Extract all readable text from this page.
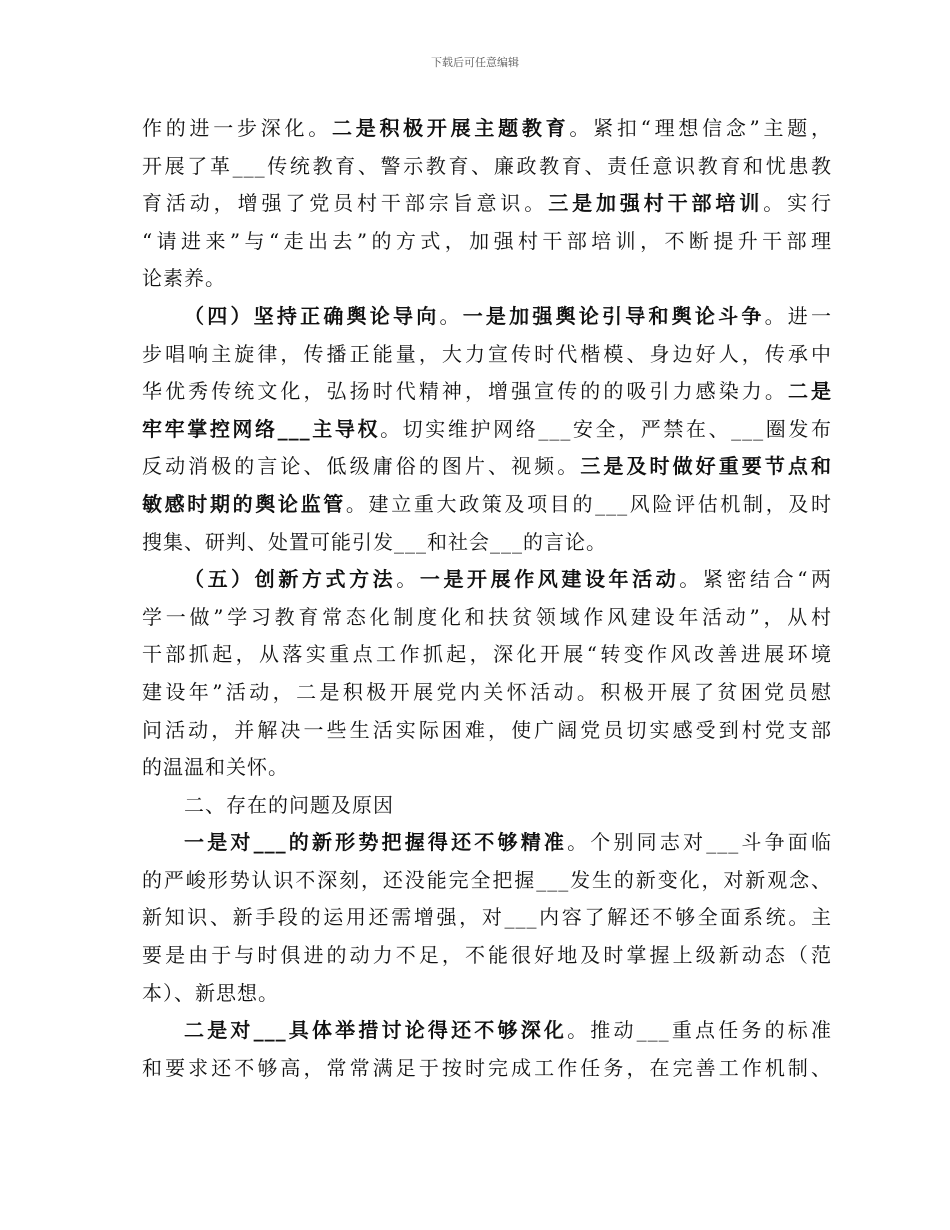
下载后可任意编辑
作的进一步深化。二是积极开展主题教育。紧扣“理想信念”主题，
开展了革___传统教育、警示教育、廉政教育、责任意识教育和忧患教
育活动，增强了党员村干部宗旨意识。三是加强村干部培训。实行
“请进来”与“走出去”的方式，加强村干部培训，不断提升干部理
论素养。
（四）坚持正确舆论导向。一是加强舆论引导和舆论斗争。进一
步唱响主旋律，传播正能量，大力宣传时代楷模、身边好人，传承中
华优秀传统文化，弘扬时代精神，增强宣传的的吸引力感染力。二是
牢牢掌控网络___主导权。切实维护网络___安全，严禁在、___圈发布
反动消极的言论、低级庸俗的图片、视频。三是及时做好重要节点和
敏感时期的舆论监管。建立重大政策及项目的___风险评估机制，及时
搜集、研判、处置可能引发___和社会___的言论。
（五）创新方式方法。一是开展作风建设年活动。紧密结合“两
学一做”学习教育常态化制度化和扶贫领域作风建设年活动”，从村
干部抓起，从落实重点工作抓起，深化开展“转变作风改善进展环境
建设年”活动，二是积极开展党内关怀活动。积极开展了贫困党员慰
问活动，并解决一些生活实际困难，使广阔党员切实感受到村党支部
的温温和关怀。
二、存在的问题及原因
一是对___的新形势把握得还不够精准。个别同志对___斗争面临
的严峻形势认识不深刻，还没能完全把握___发生的新变化，对新观念、
新知识、新手段的运用还需增强，对___内容了解还不够全面系统。主
要是由于与时俱进的动力不足，不能很好地及时掌握上级新动态（范
本）、新思想。
二是对___具体举措讨论得还不够深化。推动___重点任务的标准
和要求还不够高，常常满足于按时完成工作任务，在完善工作机制、
